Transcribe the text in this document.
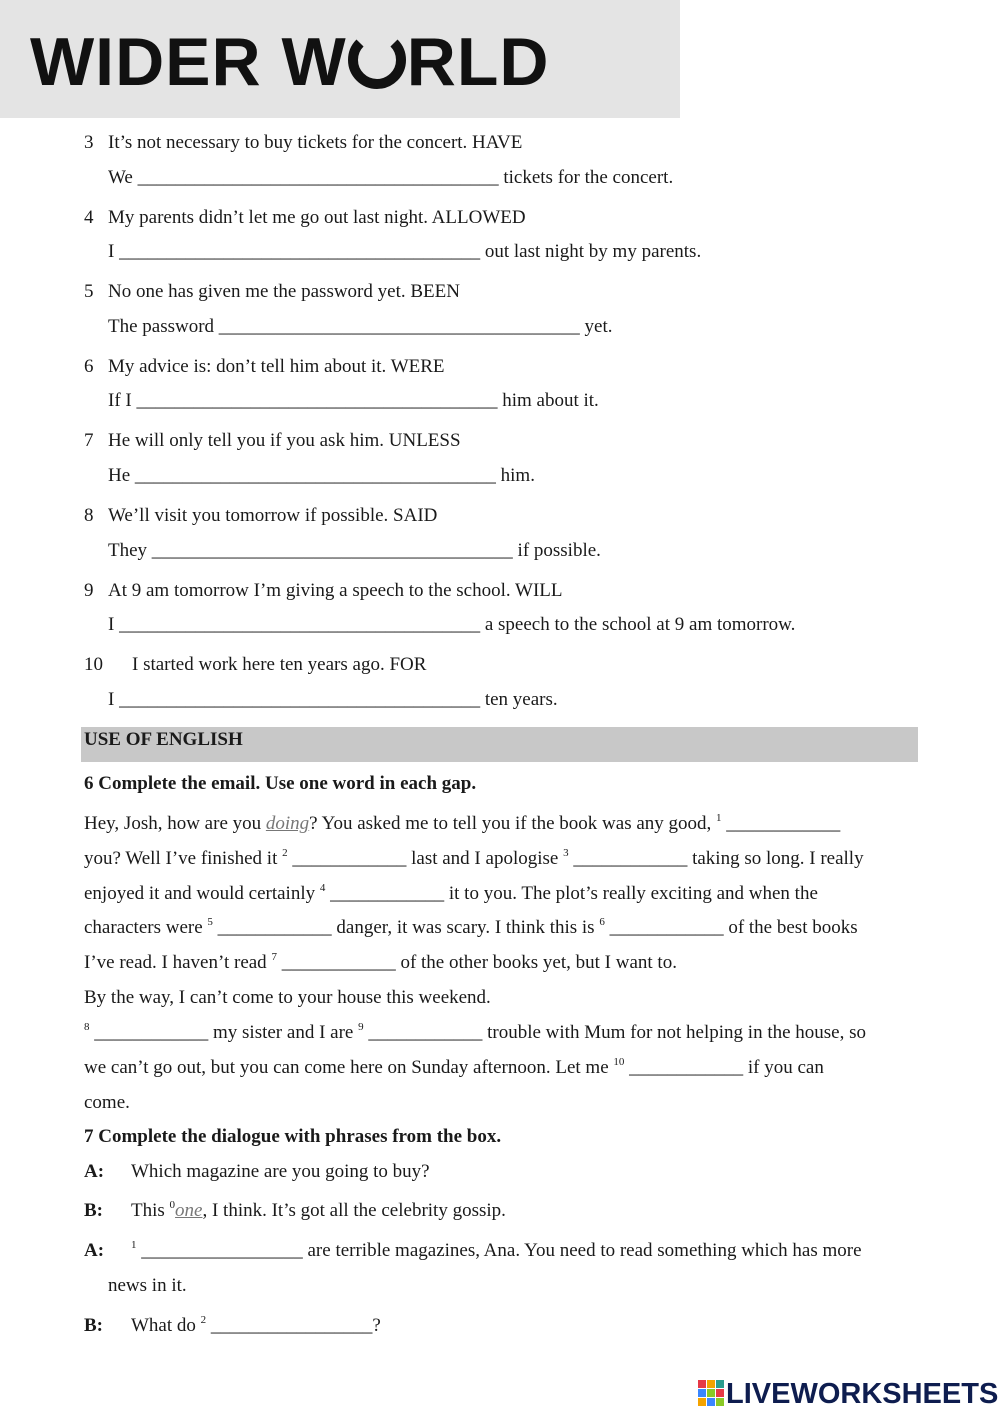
WIDER W RLD
3 It’s not necessary to buy tickets for the concert. HAVE
We ______________________________________ tickets for the concert.
4 My parents didn’t let me go out last night. ALLOWED
I ______________________________________ out last night by my parents.
5 No one has given me the password yet. BEEN
The password ______________________________________ yet.
6 My advice is: don’t tell him about it. WERE
If I ______________________________________ him about it.
7 He will only tell you if you ask him. UNLESS
He ______________________________________ him.
8 We’ll visit you tomorrow if possible. SAID
They ______________________________________ if possible.
9 At 9 am tomorrow I’m giving a speech to the school. WILL
I ______________________________________ a speech to the school at 9 am tomorrow.
10 I started work here ten years ago. FOR
I ______________________________________ ten years.
USE OF ENGLISH
6 Complete the email. Use one word in each gap.
Hey, Josh, how are you doing? You asked me to tell you if the book was any good, $^1$ ____________
you? Well I’ve finished it $^2$ ____________ last and I apologise $^3$ ____________ taking so long. I really
enjoyed it and would certainly $^4$ ____________ it to you. The plot’s really exciting and when the
characters were $^5$ ____________ danger, it was scary. I think this is $^6$ ____________ of the best books
I’ve read. I haven’t read $^7$ ____________ of the other books yet, but I want to.
By the way, I can’t come to your house this weekend.
$^8$ ____________ my sister and I are $^9$ ____________ trouble with Mum for not helping in the house, so
we can’t go out, but you can come here on Sunday afternoon. Let me $^{10}$ ____________ if you can
come.
7 Complete the dialogue with phrases from the box.
A: Which magazine are you going to buy?
B: This $^0$one, I think. It’s got all the celebrity gossip.
A: $^1$ _________________ are terrible magazines, Ana. You need to read something which has more
news in it.
B: What do $^2$ _________________?
LIVEWORKSHEETS
